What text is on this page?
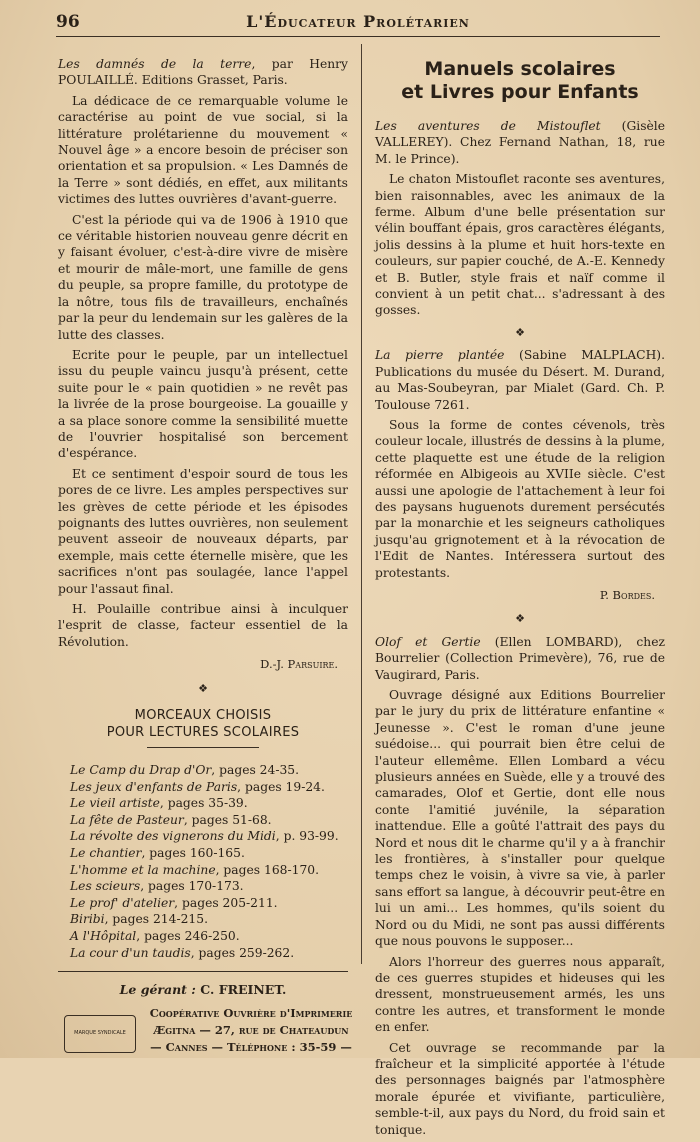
96	L'Éducateur Prolétarien

Les damnés de la terre, par Henry POULAILLÉ. Editions Grasset, Paris.

La dédicace de ce remarquable volume le caractérise au point de vue social, si la littérature prolétarienne du mouvement « Nouvel âge » a encore besoin de préciser son orientation et sa propulsion. « Les Damnés de la Terre » sont dédiés, en effet, aux militants victimes des luttes ouvrières d'avant-guerre.

C'est la période qui va de 1906 à 1910 que ce véritable historien nouveau genre décrit en y faisant évoluer, c'est-à-dire vivre de misère et mourir de mâle-mort, une famille de gens du peuple, sa propre famille, du prototype de la nôtre, tous fils de travailleurs, enchaînés par la peur du lendemain sur les galères de la lutte des classes.

Ecrite pour le peuple, par un intellectuel issu du peuple vaincu jusqu'à présent, cette suite pour le « pain quotidien » ne revêt pas la livrée de la prose bourgeoise. La gouaille y a sa place sonore comme la sensibilité muette de l'ouvrier hospitalisé son bercement d'espérance.

Et ce sentiment d'espoir sourd de tous les pores de ce livre. Les amples perspectives sur les grèves de cette période et les épisodes poignants des luttes ouvrières, non seulement peuvent asseoir de nouveaux départs, par exemple, mais cette éternelle misère, que les sacrifices n'ont pas soulagée, lance l'appel pour l'assaut final.

H. Poulaille contribue ainsi à inculquer l'esprit de classe, facteur essentiel de la Révolution.

D.-J. Parsuire.
❖
MORCEAUX CHOISIS
POUR LECTURES SCOLAIRES
Le Camp du Drap d'Or, pages 24-35.
Les jeux d'enfants de Paris, pages 19-24.
Le vieil artiste, pages 35-39.
La fête de Pasteur, pages 51-68.
La révolte des vignerons du Midi, p. 93-99.
Le chantier, pages 160-165.
L'homme et la machine, pages 168-170.
Les scieurs, pages 170-173.
Le prof' d'atelier, pages 205-211.
Biribi, pages 214-215.
A l'Hôpital, pages 246-250.
La cour d'un taudis, pages 259-262.
Le gérant : C. FREINET.
MARQUE SYNDICALE
Coopérative Ouvrière d'Imprimerie
Ægitna — 27, rue de Chateaudun
— Cannes — Téléphone : 35-59 —
Manuels scolaires
et Livres pour Enfants

Les aventures de Mistouflet (Gisèle VALLEREY). Chez Fernand Nathan, 18, rue M. le Prince).

Le chaton Mistouflet raconte ses aventures, bien raisonnables, avec les animaux de la ferme. Album d'une belle présentation sur vélin bouffant épais, gros caractères élégants, jolis dessins à la plume et huit hors-texte en couleurs, sur papier couché, de A.-E. Kennedy et B. Butler, style frais et naïf comme il convient à un petit chat... s'adressant à des gosses.

❖

La pierre plantée (Sabine MALPLACH). Publications du musée du Désert. M. Durand, au Mas-Soubeyran, par Mialet (Gard. Ch. P. Toulouse 7261.

Sous la forme de contes cévenols, très couleur locale, illustrés de dessins à la plume, cette plaquette est une étude de la religion réformée en Albigeois au XVIIe siècle. C'est aussi une apologie de l'attachement à leur foi des paysans huguenots durement persécutés par la monarchie et les seigneurs catholiques jusqu'au grignotement et à la révocation de l'Edit de Nantes. Intéressera surtout des protestants.

P. Bordes.
❖

Olof et Gertie (Ellen LOMBARD), chez Bourrelier (Collection Primevère), 76, rue de Vaugirard, Paris.

Ouvrage désigné aux Editions Bourrelier par le jury du prix de littérature enfantine « Jeunesse ». C'est le roman d'une jeune suédoise... qui pourrait bien être celui de l'auteur ellemême. Ellen Lombard a vécu plusieurs années en Suède, elle y a trouvé des camarades, Olof et Gertie, dont elle nous conte l'amitié juvénile, la séparation inattendue. Elle a goûté l'attrait des pays du Nord et nous dit le charme qu'il y a à franchir les frontières, à s'installer pour quelque temps chez le voisin, à vivre sa vie, à parler sans effort sa langue, à découvrir peut-être en lui un ami... Les hommes, qu'ils soient du Nord ou du Midi, ne sont pas aussi différents que nous pouvons le supposer...

Alors l'horreur des guerres nous apparaît, de ces guerres stupides et hideuses qui les dressent, monstrueusement armés, les uns contre les autres, et transforment le monde en enfer.

Cet ouvrage se recommande par la fraîcheur et la simplicité apportée à l'étude des personnages baignés par l'atmosphère morale épurée et vivifiante, particulière, semble-t-il, aux pays du Nord, du froid sain et tonique.
